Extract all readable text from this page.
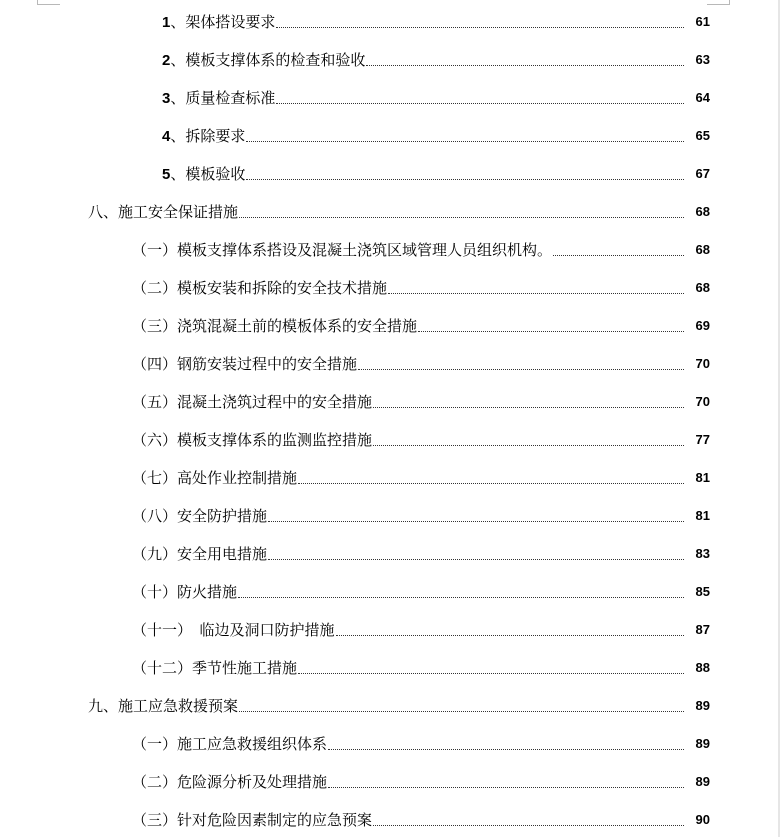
1、架体搭设要求	61
2、模板支撑体系的检查和验收	63
3、质量检查标准	64
4、拆除要求	65
5、模板验收	67
八、施工安全保证措施	68
（一）模板支撑体系搭设及混凝土浇筑区域管理人员组织机构。	68
（二）模板安装和拆除的安全技术措施	68
（三）浇筑混凝土前的模板体系的安全措施	69
（四）钢筋安装过程中的安全措施	70
（五）混凝土浇筑过程中的安全措施	70
（六）模板支撑体系的监测监控措施	77
（七）高处作业控制措施	81
（八）安全防护措施	81
（九）安全用电措施	83
（十）防火措施	85
（十一）　临边及洞口防护措施	87
（十二）季节性施工措施	88
九、施工应急救援预案	89
（一）施工应急救援组织体系	89
（二）危险源分析及处理措施	89
（三）针对危险因素制定的应急预案	90
